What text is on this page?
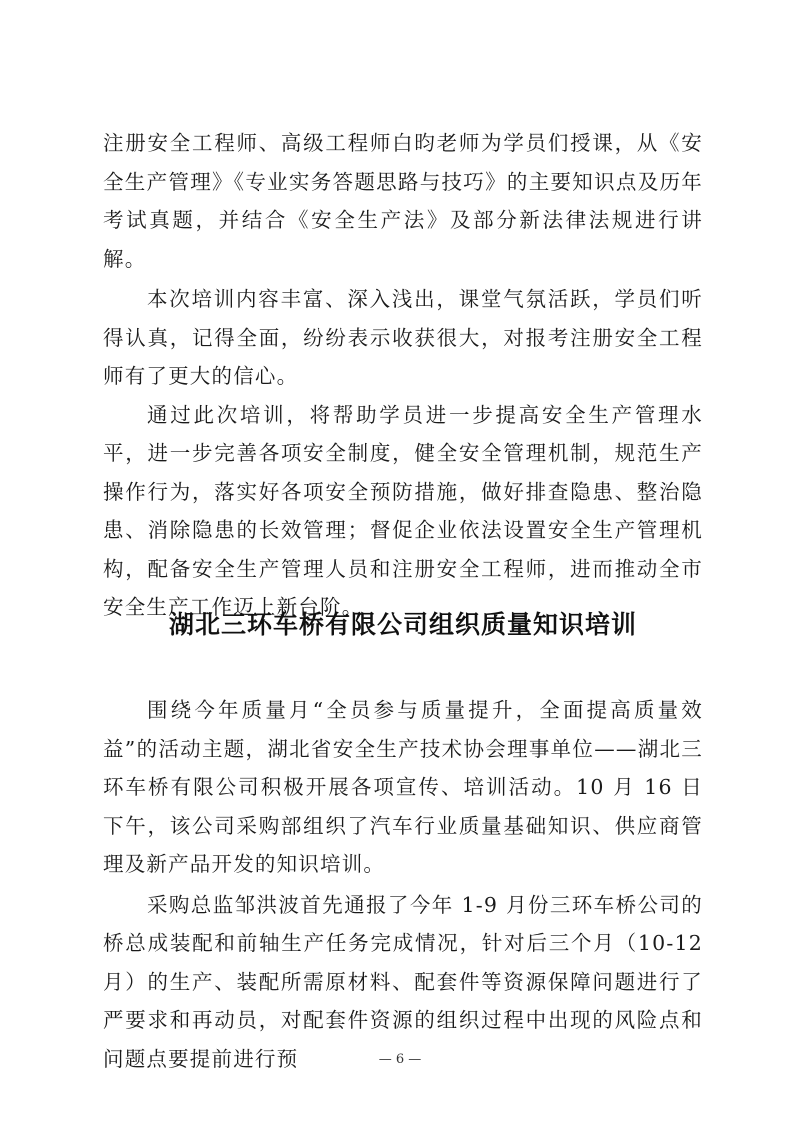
注册安全工程师、高级工程师白昀老师为学员们授课，从《安全生产管理》《专业实务答题思路与技巧》的主要知识点及历年考试真题，并结合《安全生产法》及部分新法律法规进行讲解。

本次培训内容丰富、深入浅出，课堂气氛活跃，学员们听得认真，记得全面，纷纷表示收获很大，对报考注册安全工程师有了更大的信心。

通过此次培训，将帮助学员进一步提高安全生产管理水平，进一步完善各项安全制度，健全安全管理机制，规范生产操作行为，落实好各项安全预防措施，做好排查隐患、整治隐患、消除隐患的长效管理；督促企业依法设置安全生产管理机构，配备安全生产管理人员和注册安全工程师，进而推动全市安全生产工作迈上新台阶。

湖北三环车桥有限公司组织质量知识培训

围绕今年质量月“全员参与质量提升，全面提高质量效益”的活动主题，湖北省安全生产技术协会理事单位——湖北三环车桥有限公司积极开展各项宣传、培训活动。10 月 16 日下午，该公司采购部组织了汽车行业质量基础知识、供应商管理及新产品开发的知识培训。

采购总监邹洪波首先通报了今年 1-9 月份三环车桥公司的桥总成装配和前轴生产任务完成情况，针对后三个月（10-12 月）的生产、装配所需原材料、配套件等资源保障问题进行了严要求和再动员，对配套件资源的组织过程中出现的风险点和问题点要提前进行预	— 6 —
